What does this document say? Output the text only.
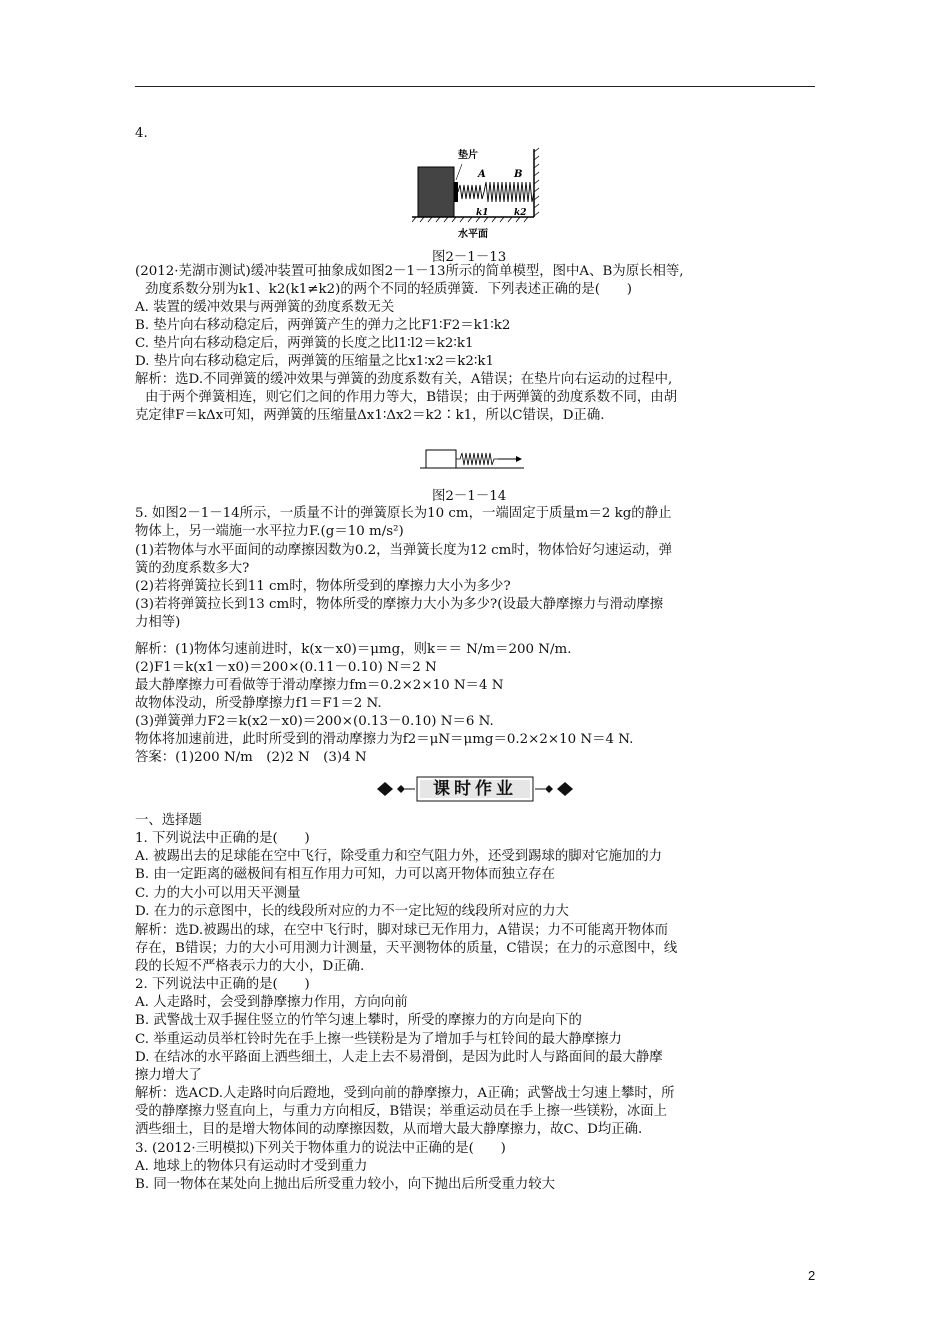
4.
垫片
A	B
k1	k2
水平面
图2－1－13
(2012·芜湖市测试)缓冲装置可抽象成如图2－1－13所示的简单模型，图中A、B为原长相等,
劲度系数分别为k1、k2(k1≠k2)的两个不同的轻质弹簧．下列表述正确的是(　　)
A. 装置的缓冲效果与两弹簧的劲度系数无关
B. 垫片向右移动稳定后，两弹簧产生的弹力之比F1∶F2＝k1∶k2
C. 垫片向右移动稳定后，两弹簧的长度之比l1∶l2＝k2∶k1
D. 垫片向右移动稳定后，两弹簧的压缩量之比x1∶x2＝k2∶k1
解析：选D.不同弹簧的缓冲效果与弹簧的劲度系数有关，A错误；在垫片向右运动的过程中,
由于两个弹簧相连，则它们之间的作用力等大，B错误；由于两弹簧的劲度系数不同，由胡
克定律F＝kΔx可知，两弹簧的压缩量Δx1∶Δx2＝k2∶k1，所以C错误，D正确.
图2－1－14
5. 如图2－1－14所示，一质量不计的弹簧原长为10 cm，一端固定于质量m＝2 kg的静止
物体上，另一端施一水平拉力F.(g＝10 m/s²)
(1)若物体与水平面间的动摩擦因数为0.2，当弹簧长度为12 cm时，物体恰好匀速运动，弹
簧的劲度系数多大?
(2)若将弹簧拉长到11 cm时，物体所受到的摩擦力大小为多少?
(3)若将弹簧拉长到13 cm时，物体所受的摩擦力大小为多少?(设最大静摩擦力与滑动摩擦
力相等)
解析：(1)物体匀速前进时，k(x－x0)＝μmg，则k＝＝ N/m＝200 N/m.
(2)F1＝k(x1－x0)＝200×(0.11－0.10) N＝2 N
最大静摩擦力可看做等于滑动摩擦力fm＝0.2×2×10 N＝4 N
故物体没动，所受静摩擦力f1＝F1＝2 N.
(3)弹簧弹力F2＝k(x2－x0)＝200×(0.13－0.10) N＝6 N.
物体将加速前进，此时所受到的滑动摩擦力为f2＝μN＝μmg＝0.2×2×10 N＝4 N.
答案：(1)200 N/m　(2)2 N　(3)4 N
课时作业
一、选择题
1. 下列说法中正确的是(　　)
A. 被踢出去的足球能在空中飞行，除受重力和空气阻力外，还受到踢球的脚对它施加的力
B. 由一定距离的磁极间有相互作用力可知，力可以离开物体而独立存在
C. 力的大小可以用天平测量
D. 在力的示意图中，长的线段所对应的力不一定比短的线段所对应的力大
解析：选D.被踢出的球，在空中飞行时，脚对球已无作用力，A错误；力不可能离开物体而
存在，B错误；力的大小可用测力计测量，天平测物体的质量，C错误；在力的示意图中，线
段的长短不严格表示力的大小，D正确.
2. 下列说法中正确的是(　　)
A. 人走路时，会受到静摩擦力作用，方向向前
B. 武警战士双手握住竖立的竹竿匀速上攀时，所受的摩擦力的方向是向下的
C. 举重运动员举杠铃时先在手上擦一些镁粉是为了增加手与杠铃间的最大静摩擦力
D. 在结冰的水平路面上洒些细土，人走上去不易滑倒，是因为此时人与路面间的最大静摩
擦力增大了
解析：选ACD.人走路时向后蹬地，受到向前的静摩擦力，A正确；武警战士匀速上攀时，所
受的静摩擦力竖直向上，与重力方向相反，B错误；举重运动员在手上擦一些镁粉，冰面上
洒些细土，目的是增大物体间的动摩擦因数，从而增大最大静摩擦力，故C、D均正确.
3. (2012·三明模拟)下列关于物体重力的说法中正确的是(　　)
A. 地球上的物体只有运动时才受到重力
B. 同一物体在某处向上抛出后所受重力较小，向下抛出后所受重力较大
2
